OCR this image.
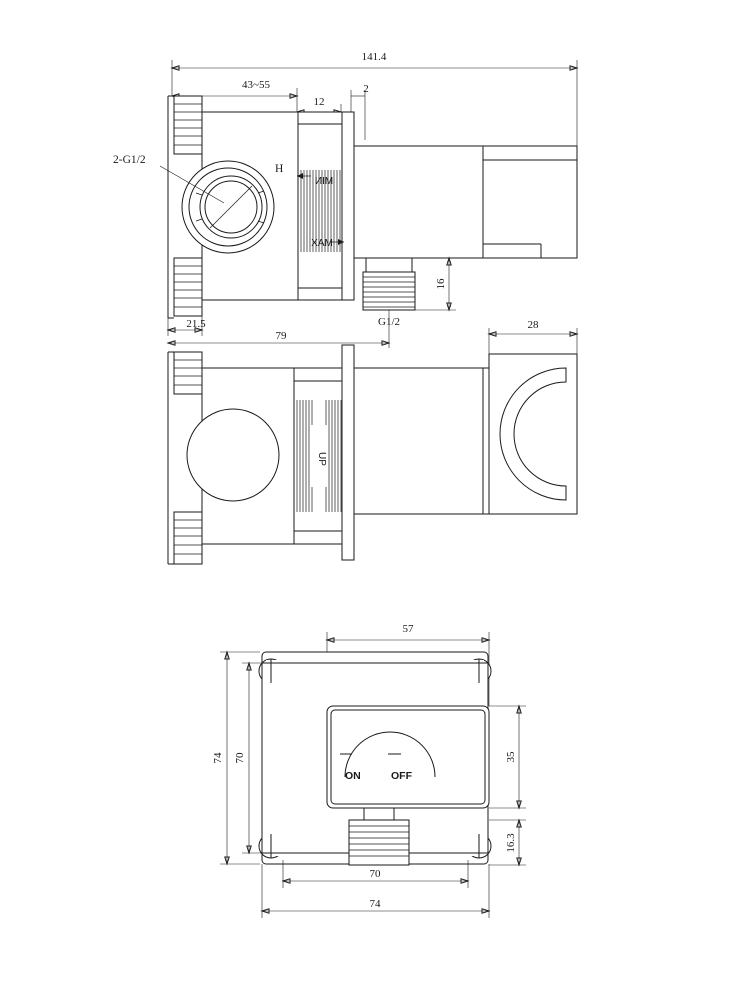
141.4
43~55
12
2
16
G1/2
2-G1/2
H
MIN
MAX
21.5
79
UP
28
57
ON	OFF
74 70	35
16.3
70
74
